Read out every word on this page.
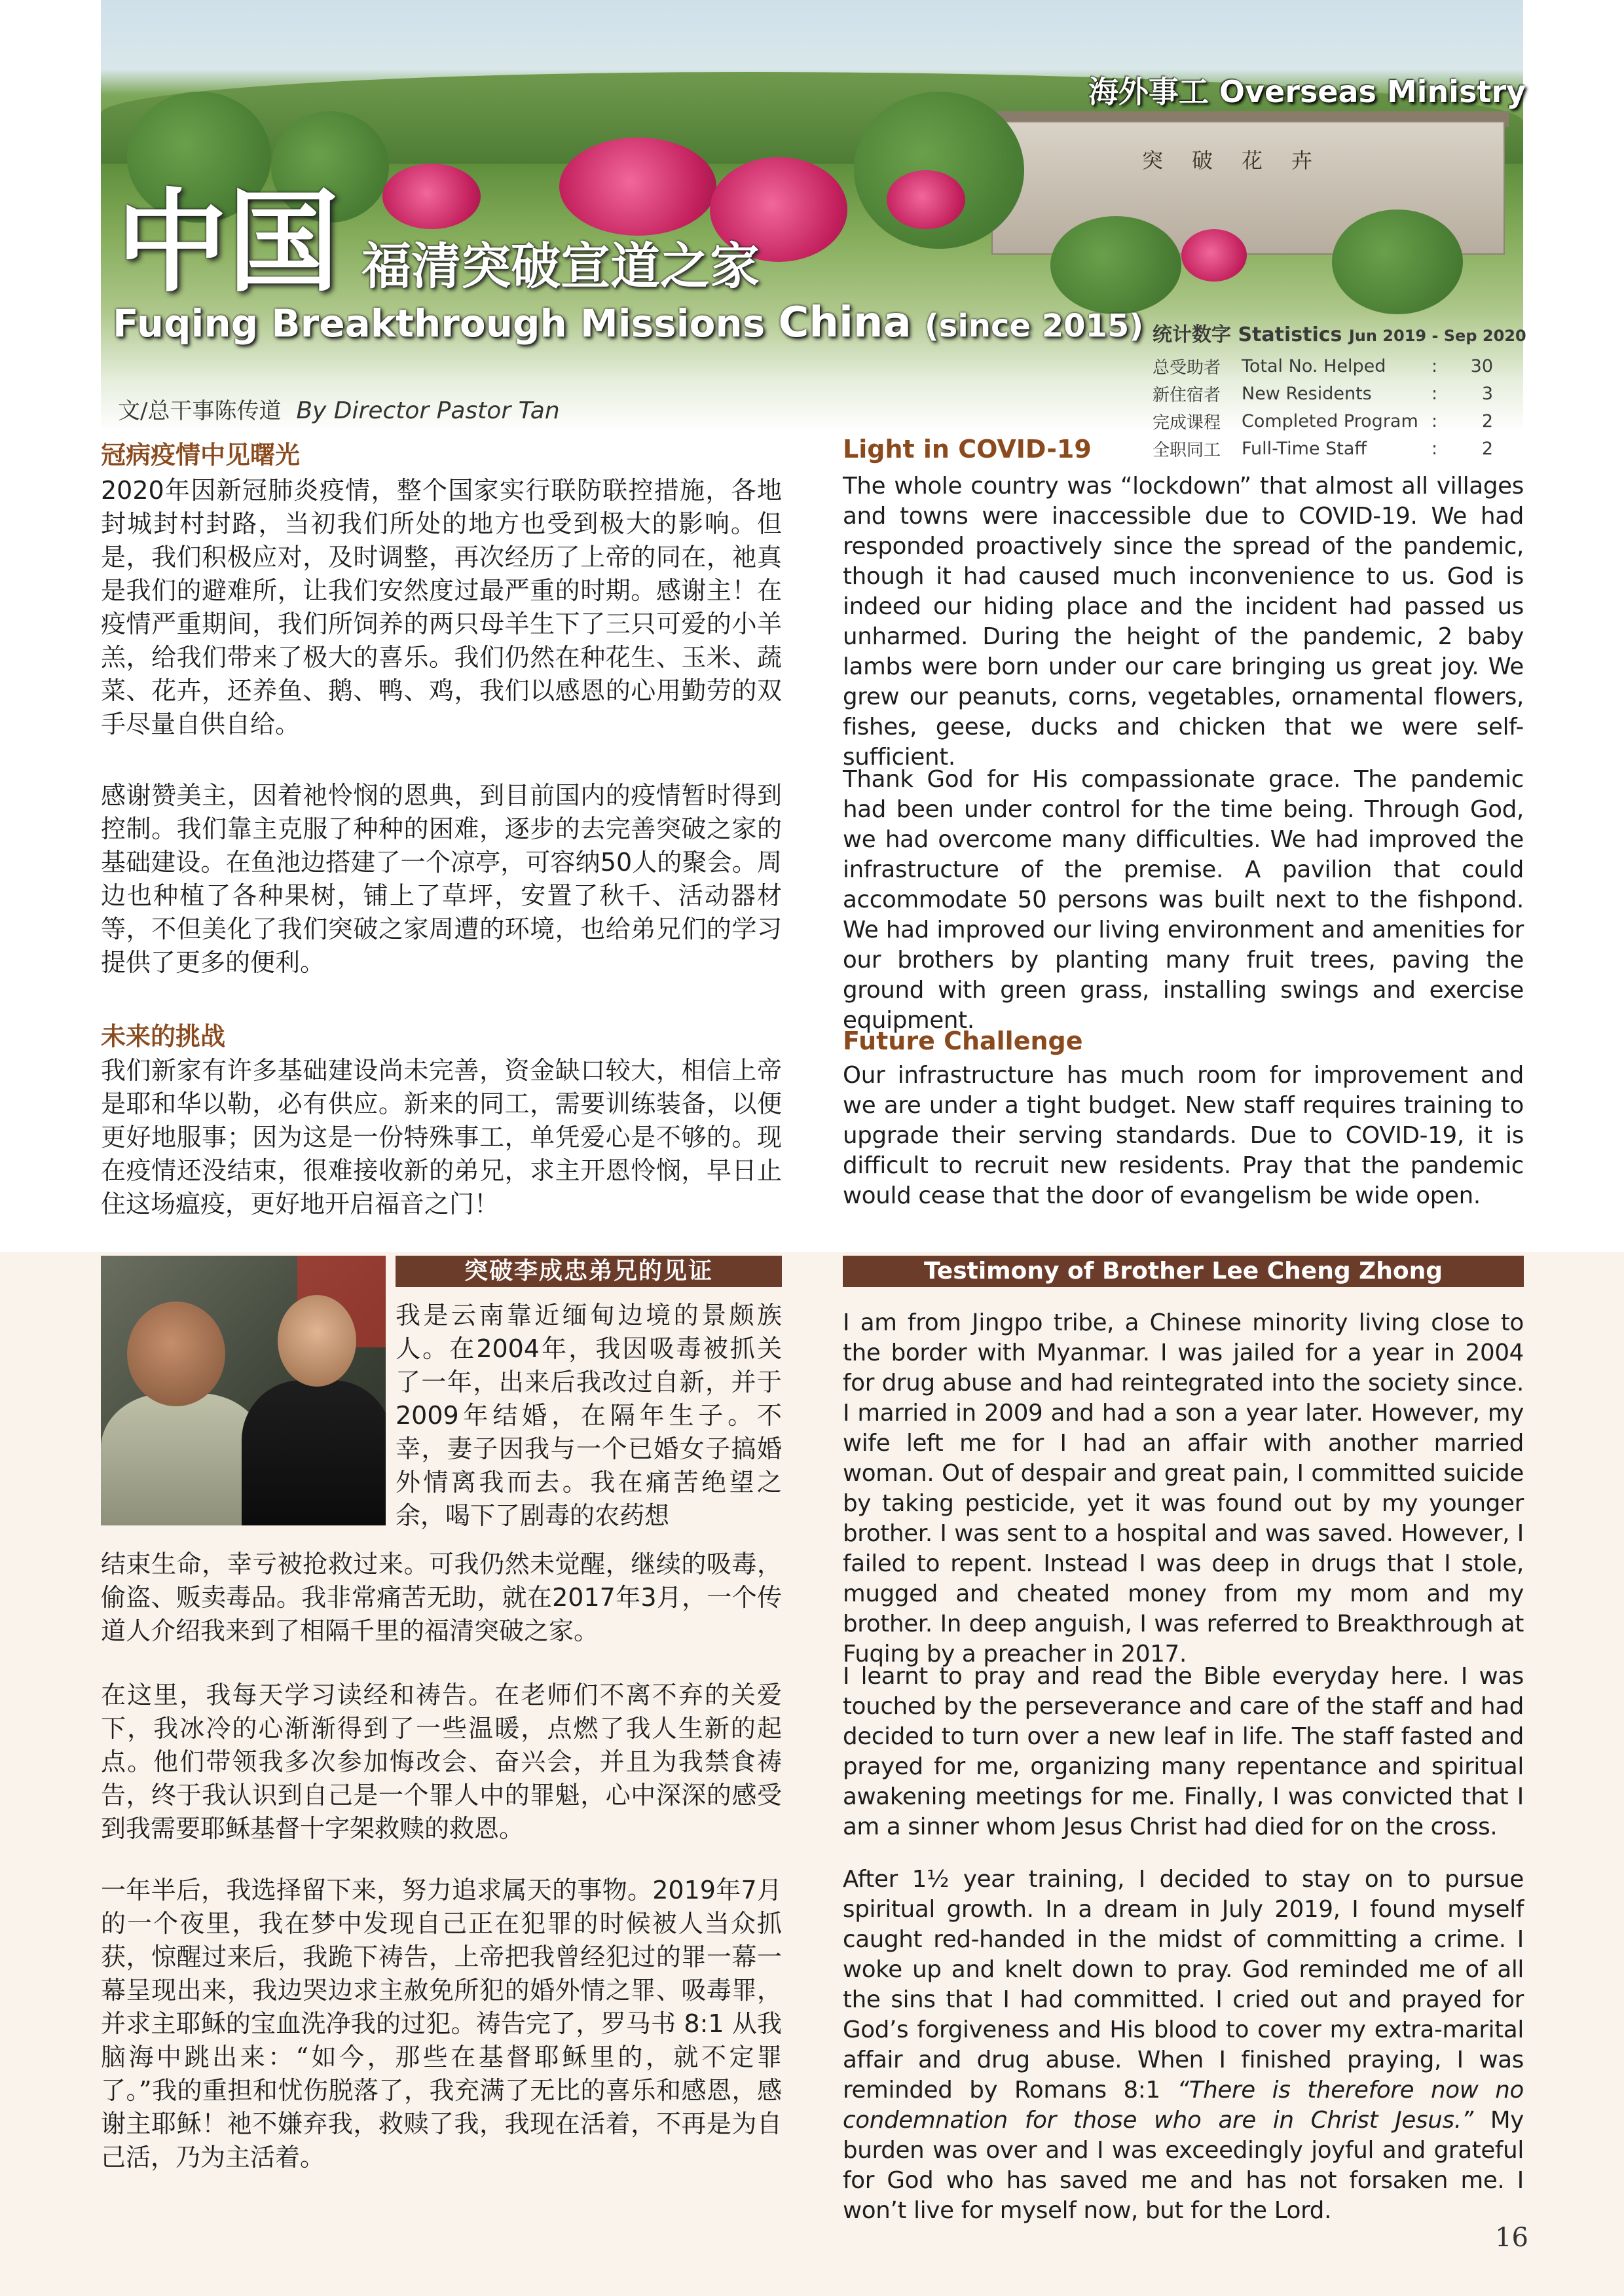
突破花卉
海外事工 Overseas Ministry
中国 福清突破宣道之家
Fuqing Breakthrough Missions China (since 2015)
文/总干事陈传道 By Director Pastor Tan
统计数字 Statistics Jun 2019 - Sep 2020
总受助者	Total No. Helped	:	30
新住宿者	New Residents	:	3
完成课程	Completed Program :	2
全职同工	Full-Time Staff	:	2
冠病疫情中见曙光

2020年因新冠肺炎疫情，整个国家实行联防联控措施，各地封城封村封路，当初我们所处的地方也受到极大的影响。但是，我们积极应对，及时调整，再次经历了上帝的同在，祂真是我们的避难所，让我们安然度过最严重的时期。感谢主！在疫情严重期间，我们所饲养的两只母羊生下了三只可爱的小羊羔，给我们带来了极大的喜乐。我们仍然在种花生、玉米、蔬菜、花卉，还养鱼、鹅、鸭、鸡，我们以感恩的心用勤劳的双手尽量自供自给。

感谢赞美主，因着祂怜悯的恩典，到目前国内的疫情暂时得到控制。我们靠主克服了种种的困难，逐步的去完善突破之家的基础建设。在鱼池边搭建了一个凉亭，可容纳50人的聚会。周边也种植了各种果树，铺上了草坪，安置了秋千、活动器材等，不但美化了我们突破之家周遭的环境，也给弟兄们的学习提供了更多的便利。

未来的挑战

我们新家有许多基础建设尚未完善，资金缺口较大，相信上帝是耶和华以勒，必有供应。新来的同工，需要训练装备，以便更好地服事；因为这是一份特殊事工，单凭爱心是不够的。现在疫情还没结束，很难接收新的弟兄，求主开恩怜悯，早日止住这场瘟疫，更好地开启福音之门！

Light in COVID-19

The whole country was “lockdown” that almost all villages and towns were inaccessible due to COVID-19. We had responded proactively since the spread of the pandemic, though it had caused much inconvenience to us. God is indeed our hiding place and the incident had passed us unharmed. During the height of the pandemic, 2 baby lambs were born under our care bringing us great joy. We grew our peanuts, corns, vegetables, ornamental flowers, fishes, geese, ducks and chicken that we were self-sufficient.

Thank God for His compassionate grace. The pandemic had been under control for the time being. Through God, we had overcome many difficulties. We had improved the infrastructure of the premise. A pavilion that could accommodate 50 persons was built next to the fishpond. We had improved our living environment and amenities for our brothers by planting many fruit trees, paving the ground with green grass, installing swings and exercise equipment.

Future Challenge

Our infrastructure has much room for improvement and we are under a tight budget. New staff requires training to upgrade their serving standards. Due to COVID-19, it is difficult to recruit new residents. Pray that the pandemic would cease that the door of evangelism be wide open.

突破李成忠弟兄的见证	Testimony of Brother Lee Cheng Zhong

我是云南靠近缅甸边境的景颇族人。在2004年，我因吸毒被抓关了一年，出来后我改过自新，并于2009年结婚，在隔年生子。不幸，妻子因我与一个已婚女子搞婚外情离我而去。我在痛苦绝望之余，喝下了剧毒的农药想

结束生命，幸亏被抢救过来。可我仍然未觉醒，继续的吸毒，偷盗、贩卖毒品。我非常痛苦无助，就在2017年3月，一个传道人介绍我来到了相隔千里的福清突破之家。

在这里，我每天学习读经和祷告。在老师们不离不弃的关爱下，我冰冷的心渐渐得到了一些温暖，点燃了我人生新的起点。他们带领我多次参加悔改会、奋兴会，并且为我禁食祷告，终于我认识到自己是一个罪人中的罪魁，心中深深的感受到我需要耶稣基督十字架救赎的救恩。

一年半后，我选择留下来，努力追求属天的事物。2019年7月的一个夜里，我在梦中发现自己正在犯罪的时候被人当众抓获，惊醒过来后，我跪下祷告，上帝把我曾经犯过的罪一幕一幕呈现出来，我边哭边求主赦免所犯的婚外情之罪、吸毒罪，并求主耶稣的宝血洗净我的过犯。祷告完了，罗马书 8:1 从我脑海中跳出来：“如今，那些在基督耶稣里的，就不定罪了。”我的重担和忧伤脱落了，我充满了无比的喜乐和感恩，感谢主耶稣！祂不嫌弃我，救赎了我，我现在活着，不再是为自己活，乃为主活着。

I am from Jingpo tribe, a Chinese minority living close to the border with Myanmar. I was jailed for a year in 2004 for drug abuse and had reintegrated into the society since. I married in 2009 and had a son a year later. However, my wife left me for I had an affair with another married woman. Out of despair and great pain, I committed suicide by taking pesticide, yet it was found out by my younger brother. I was sent to a hospital and was saved. However, I failed to repent. Instead I was deep in drugs that I stole, mugged and cheated money from my mom and my brother. In deep anguish, I was referred to Breakthrough at Fuqing by a preacher in 2017.

I learnt to pray and read the Bible everyday here. I was touched by the perseverance and care of the staff and had decided to turn over a new leaf in life. The staff fasted and prayed for me, organizing many repentance and spiritual awakening meetings for me. Finally, I was convicted that I am a sinner whom Jesus Christ had died for on the cross.

After 1½ year training, I decided to stay on to pursue spiritual growth. In a dream in July 2019, I found myself caught red-handed in the midst of committing a crime. I woke up and knelt down to pray. God reminded me of all the sins that I had committed. I cried out and prayed for God’s forgiveness and His blood to cover my extra-marital affair and drug abuse. When I finished praying, I was reminded by Romans 8:1 “There is therefore now no condemnation for those who are in Christ Jesus.” My burden was over and I was exceedingly joyful and grateful for God who has saved me and has not forsaken me. I won’t live for myself now, but for the Lord.

16
